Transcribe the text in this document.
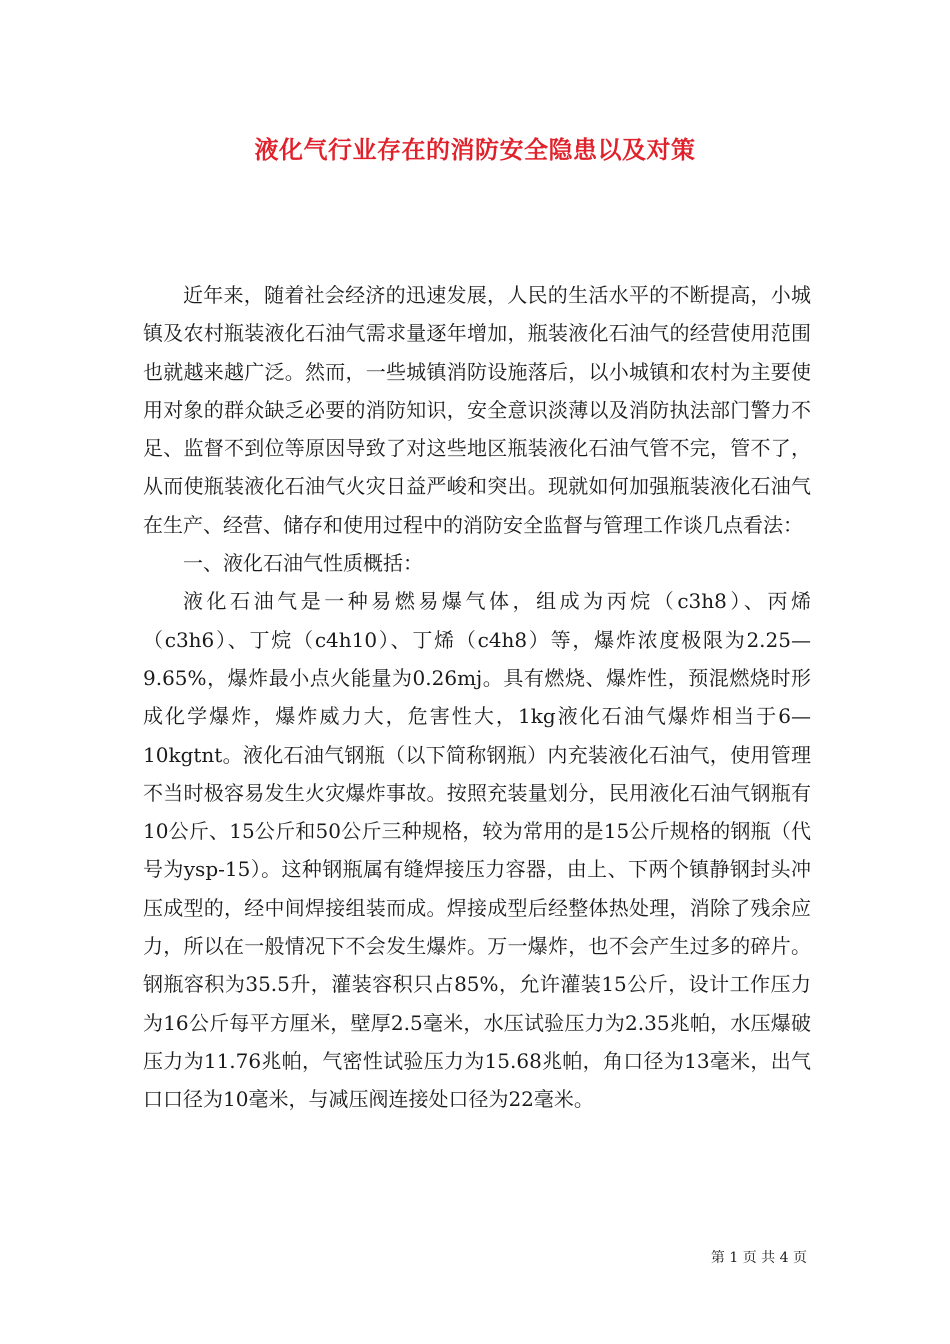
液化气行业存在的消防安全隐患以及对策

近年来，随着社会经济的迅速发展，人民的生活水平的不断提高，小城镇及农村瓶装液化石油气需求量逐年增加，瓶装液化石油气的经营使用范围也就越来越广泛。然而，一些城镇消防设施落后，以小城镇和农村为主要使用对象的群众缺乏必要的消防知识，安全意识淡薄以及消防执法部门警力不足、监督不到位等原因导致了对这些地区瓶装液化石油气管不完，管不了，从而使瓶装液化石油气火灾日益严峻和突出。现就如何加强瓶装液化石油气在生产、经营、储存和使用过程中的消防安全监督与管理工作谈几点看法：

一、液化石油气性质概括：

液化石油气是一种易燃易爆气体，组成为丙烷（c3h8）、丙烯（c3h6）、丁烷（c4h10）、丁烯（c4h8）等，爆炸浓度极限为2.25—9.65%，爆炸最小点火能量为0.26mj。具有燃烧、爆炸性，预混燃烧时形成化学爆炸，爆炸威力大，危害性大，1kg液化石油气爆炸相当于6—10kgtnt。液化石油气钢瓶（以下简称钢瓶）内充装液化石油气，使用管理不当时极容易发生火灾爆炸事故。按照充装量划分，民用液化石油气钢瓶有10公斤、15公斤和50公斤三种规格，较为常用的是15公斤规格的钢瓶（代号为ysp-15）。这种钢瓶属有缝焊接压力容器，由上、下两个镇静钢封头冲压成型的，经中间焊接组装而成。焊接成型后经整体热处理，消除了残余应力，所以在一般情况下不会发生爆炸。万一爆炸，也不会产生过多的碎片。钢瓶容积为35.5升，灌装容积只占85%，允许灌装15公斤，设计工作压力为16公斤每平方厘米，壁厚2.5毫米，水压试验压力为2.35兆帕，水压爆破压力为11.76兆帕，气密性试验压力为15.68兆帕，角口径为13毫米，出气口口径为10毫米，与减压阀连接处口径为22毫米。

第 1 页 共 4 页
